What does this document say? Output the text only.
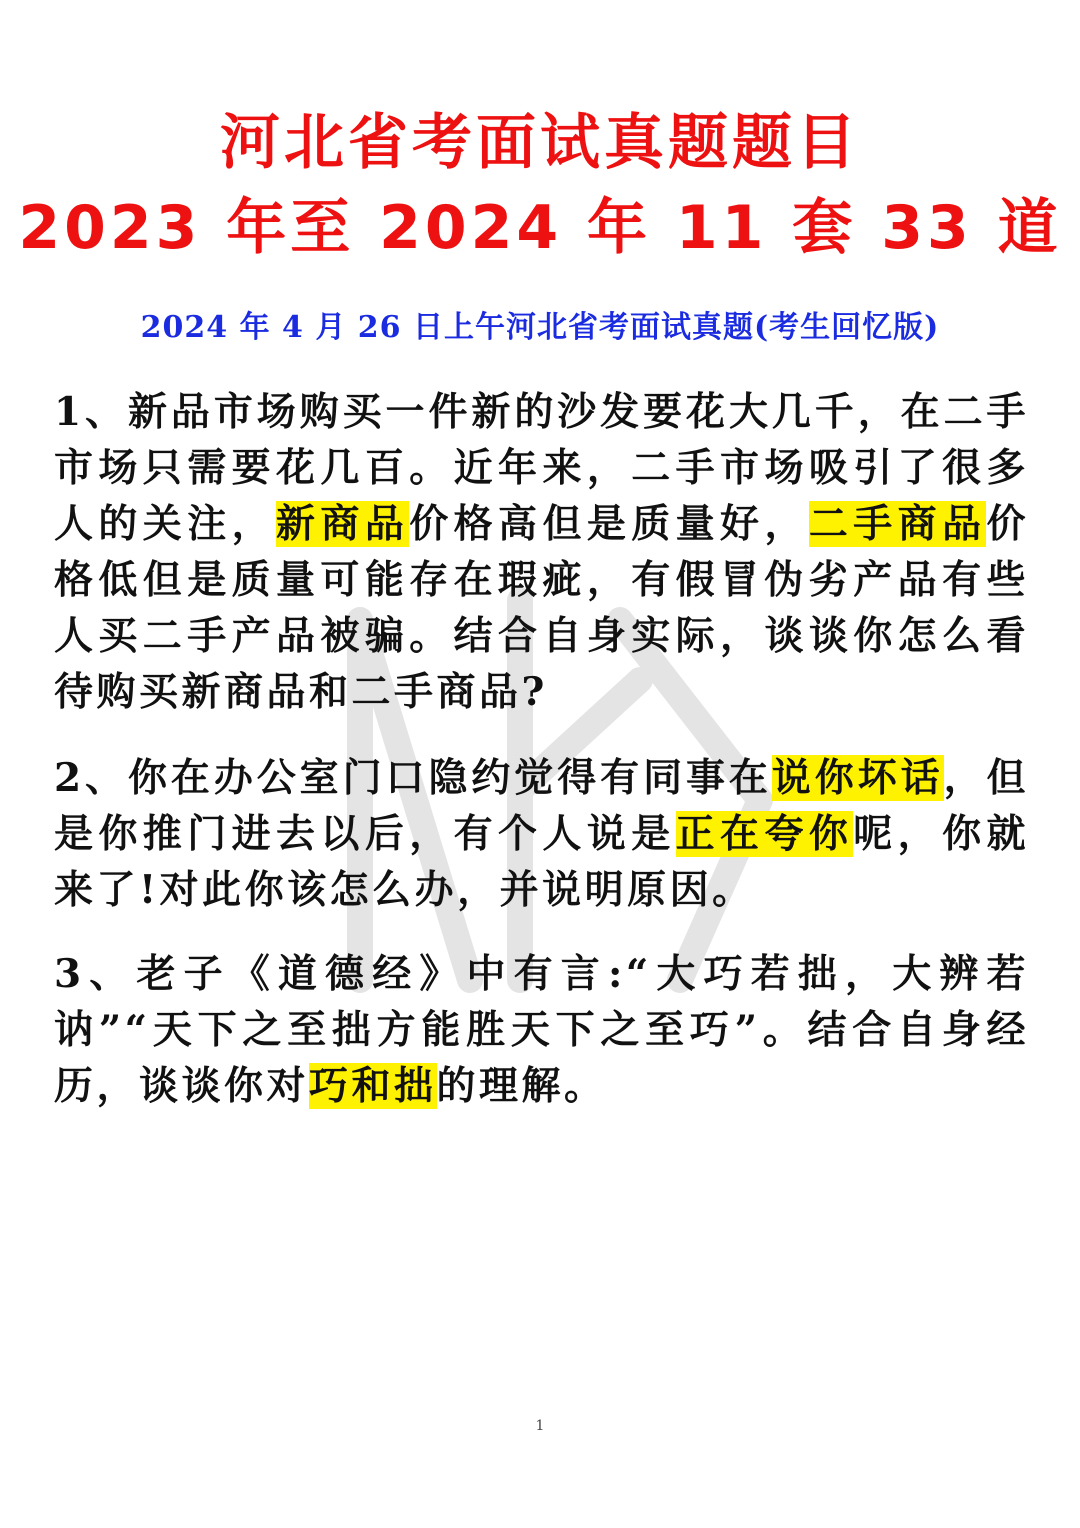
河北省考面试真题题目
2023 年至 2024 年 11 套 33 道
2024 年 4 月 26 日上午河北省考面试真题(考生回忆版)

1、新品市场购买一件新的沙发要花大几千，在二手市场只需要花几百。近年来，二手市场吸引了很多人的关注，新商品价格高但是质量好，二手商品价格低但是质量可能存在瑕疵，有假冒伪劣产品有些人买二手产品被骗。结合自身实际，谈谈你怎么看待购买新商品和二手商品?

2、你在办公室门口隐约觉得有同事在说你坏话，但是你推门进去以后，有个人说是正在夸你呢，你就来了!对此你该怎么办，并说明原因。

3、老子《道德经》中有言:“大巧若拙，大辨若讷”“天下之至拙方能胜天下之至巧”。结合自身经历，谈谈你对巧和拙的理解。

1
